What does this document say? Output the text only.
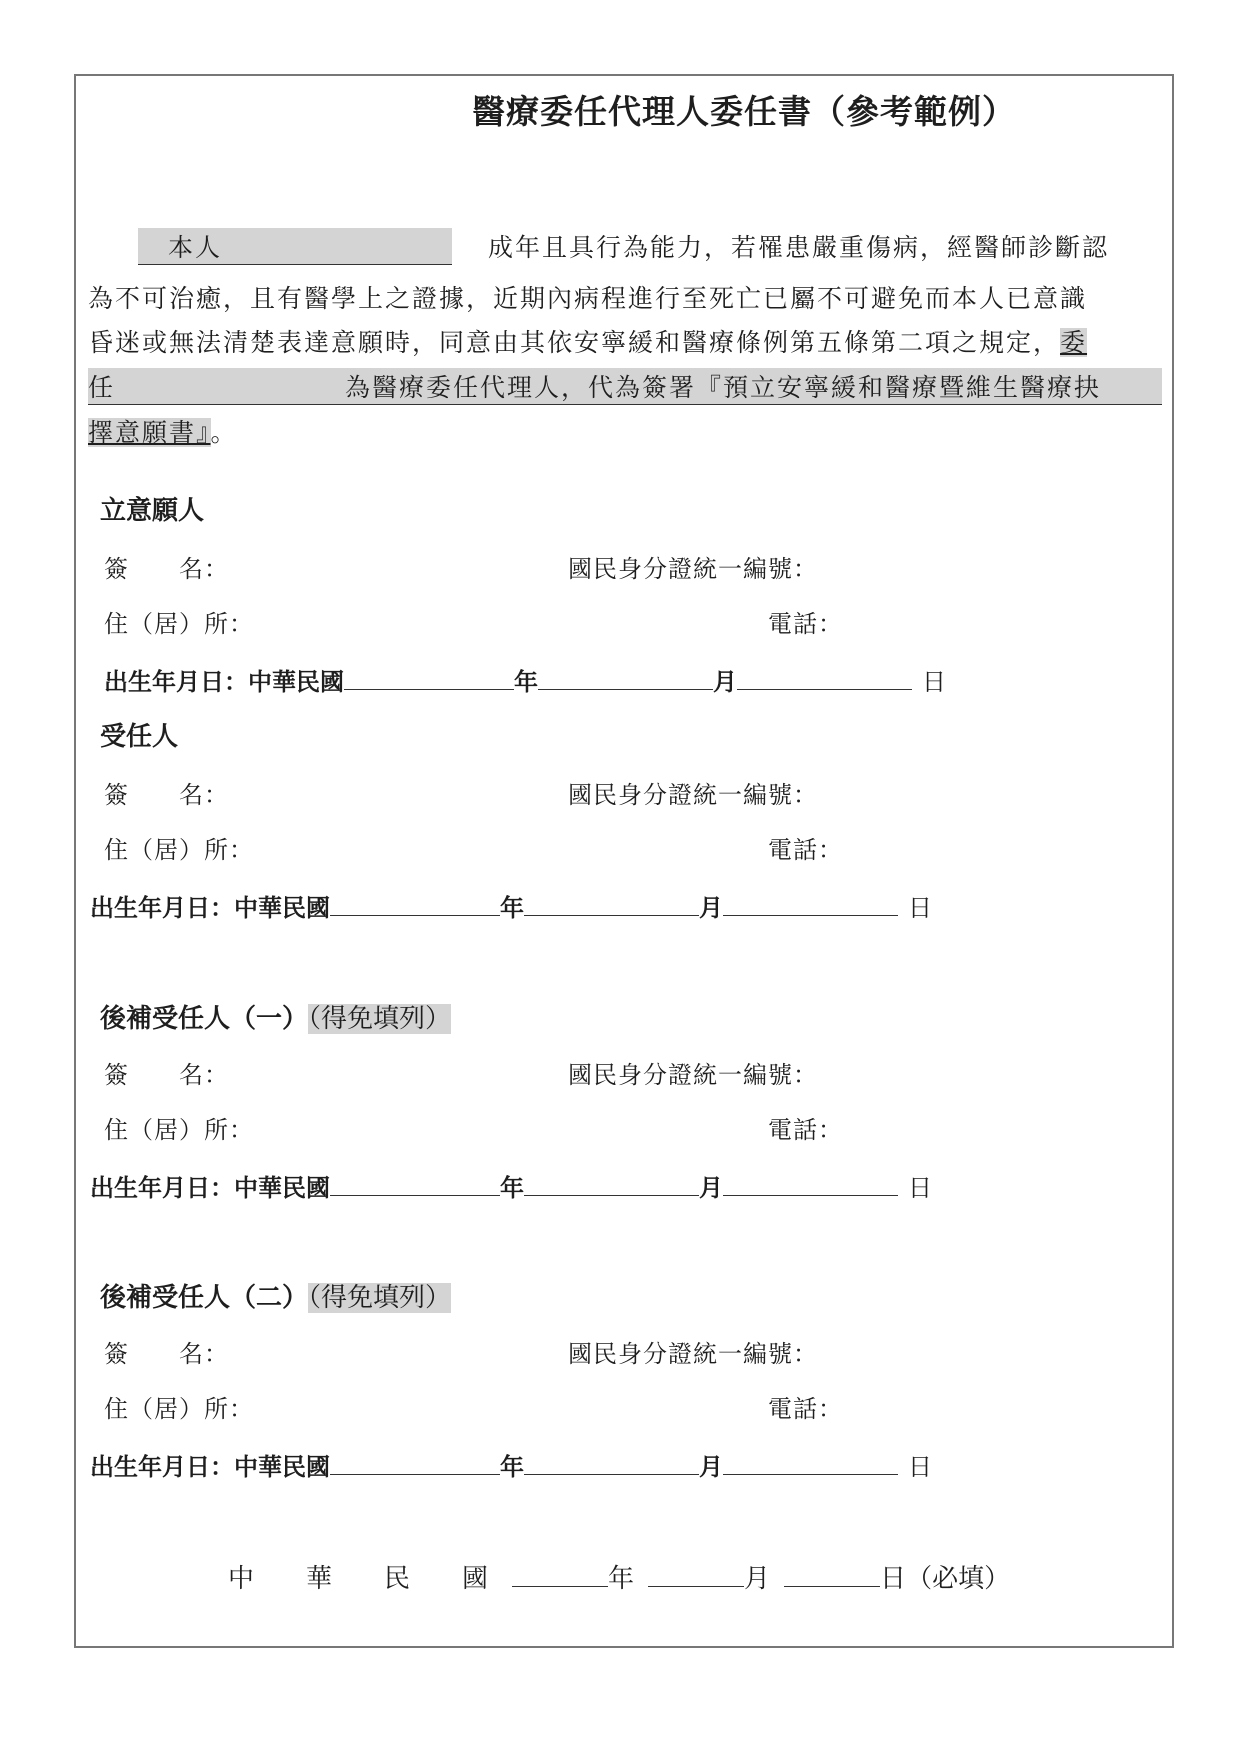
醫療委任代理人委任書（參考範例）
本人	成年且具行為能力，若罹患嚴重傷病，經醫師診斷認
為不可治癒，且有醫學上之證據，近期內病程進行至死亡已屬不可避免而本人已意識
昏迷或無法清楚表達意願時，同意由其依安寧緩和醫療條例第五條第二項之規定，委
任	為醫療委任代理人，代為簽署『預立安寧緩和醫療暨維生醫療抉
擇意願書』。
立意願人
簽　　名：	國民身分證統一編號：
住（居）所：	電話：
出生年月日：中華民國	年	月	日
受任人
簽　　名：	國民身分證統一編號：
住（居）所：	電話：
出生年月日：中華民國	年	月	日
後補受任人（一）（得免填列）
簽　　名：	國民身分證統一編號：
住（居）所：	電話：
出生年月日：中華民國	年	月	日
後補受任人（二）（得免填列）
簽　　名：	國民身分證統一編號：
住（居）所：	電話：
出生年月日：中華民國	年	月	日
中　　華　　民　　國	年	月	日（必填）
